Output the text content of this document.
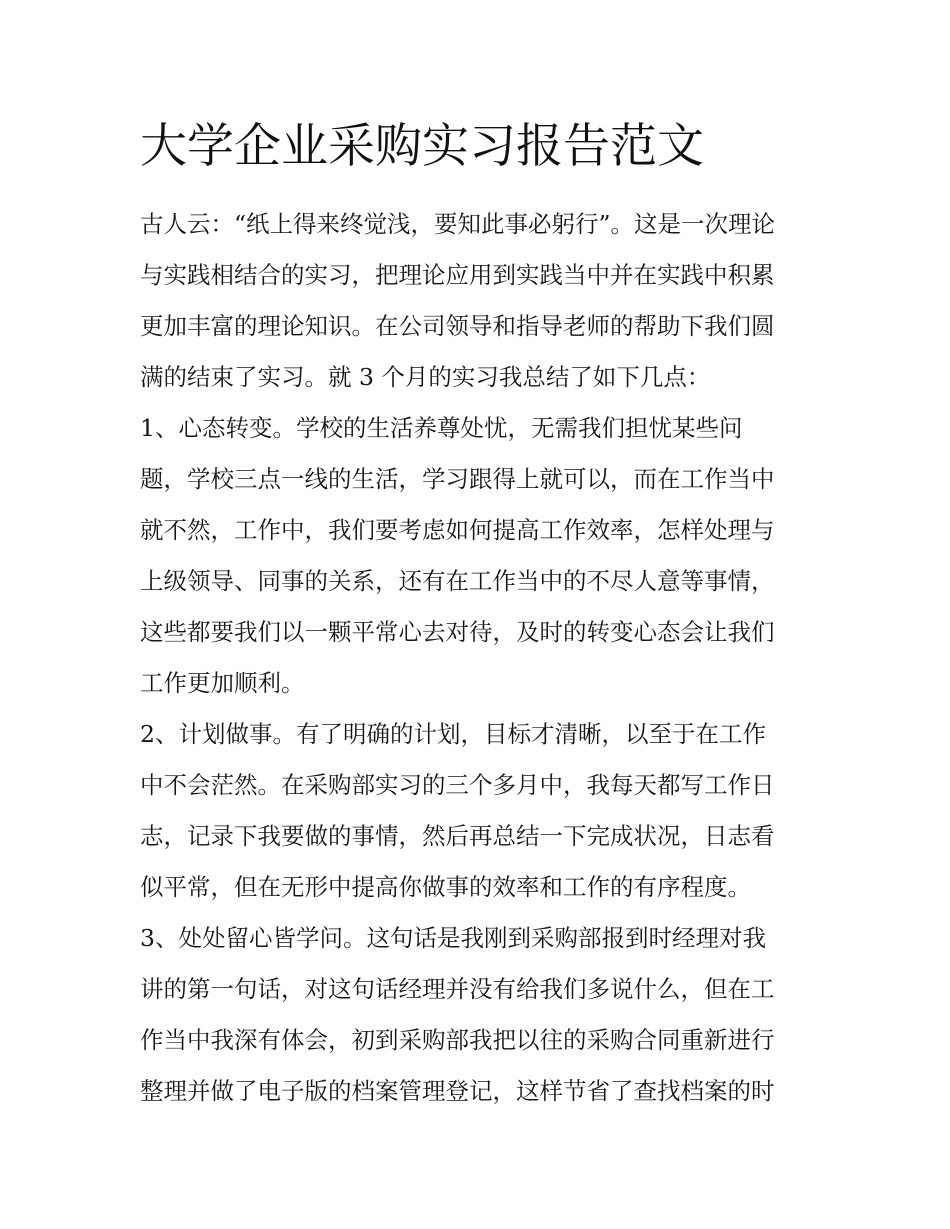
大学企业采购实习报告范文
古人云：“纸上得来终觉浅，要知此事必躬行”。这是一次理论
与实践相结合的实习，把理论应用到实践当中并在实践中积累
更加丰富的理论知识。在公司领导和指导老师的帮助下我们圆
满的结束了实习。就 3 个月的实习我总结了如下几点：
1、心态转变。学校的生活养尊处忧，无需我们担忧某些问
题，学校三点一线的生活，学习跟得上就可以，而在工作当中
就不然，工作中，我们要考虑如何提高工作效率，怎样处理与
上级领导、同事的关系，还有在工作当中的不尽人意等事情，
这些都要我们以一颗平常心去对待，及时的转变心态会让我们
工作更加顺利。
2、计划做事。有了明确的计划，目标才清晰，以至于在工作
中不会茫然。在采购部实习的三个多月中，我每天都写工作日
志，记录下我要做的事情，然后再总结一下完成状况，日志看
似平常，但在无形中提高你做事的效率和工作的有序程度。
3、处处留心皆学问。这句话是我刚到采购部报到时经理对我
讲的第一句话，对这句话经理并没有给我们多说什么，但在工
作当中我深有体会，初到采购部我把以往的采购合同重新进行
整理并做了电子版的档案管理登记，这样节省了查找档案的时
